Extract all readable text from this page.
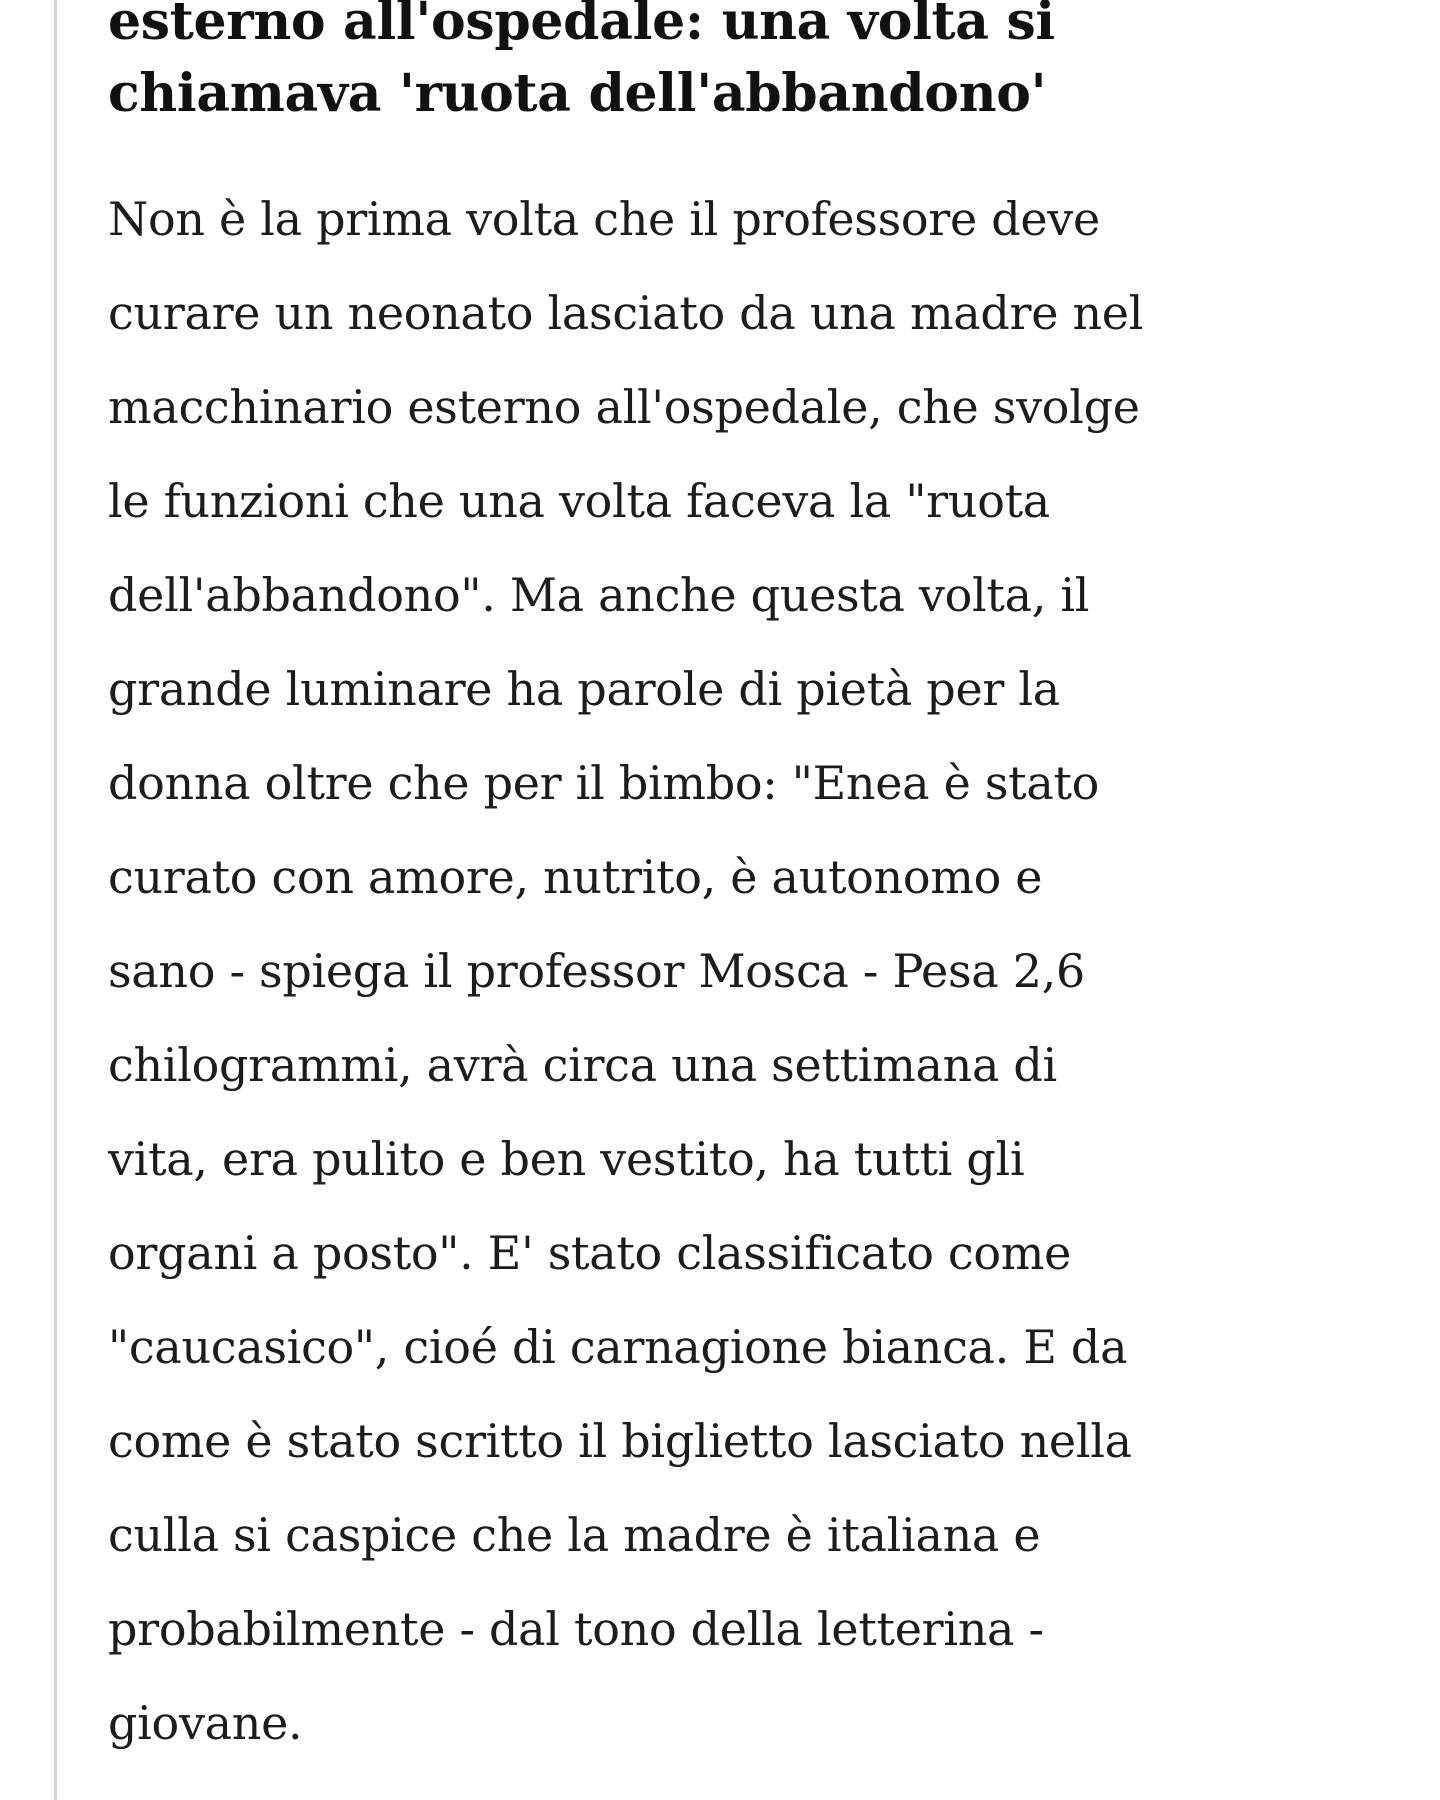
esterno all'ospedale: una volta si
chiamava 'ruota dell'abbandono'

Non è la prima volta che il professore deve
curare un neonato lasciato da una madre nel
macchinario esterno all'ospedale, che svolge
le funzioni che una volta faceva la "ruota
dell'abbandono". Ma anche questa volta, il
grande luminare ha parole di pietà per la
donna oltre che per il bimbo: "Enea è stato
curato con amore, nutrito, è autonomo e
sano - spiega il professor Mosca - Pesa 2,6
chilogrammi, avrà circa una settimana di
vita, era pulito e ben vestito, ha tutti gli
organi a posto". E' stato classificato come
"caucasico", cioé di carnagione bianca. E da
come è stato scritto il biglietto lasciato nella
culla si caspice che la madre è italiana e
probabilmente - dal tono della letterina -
giovane.
